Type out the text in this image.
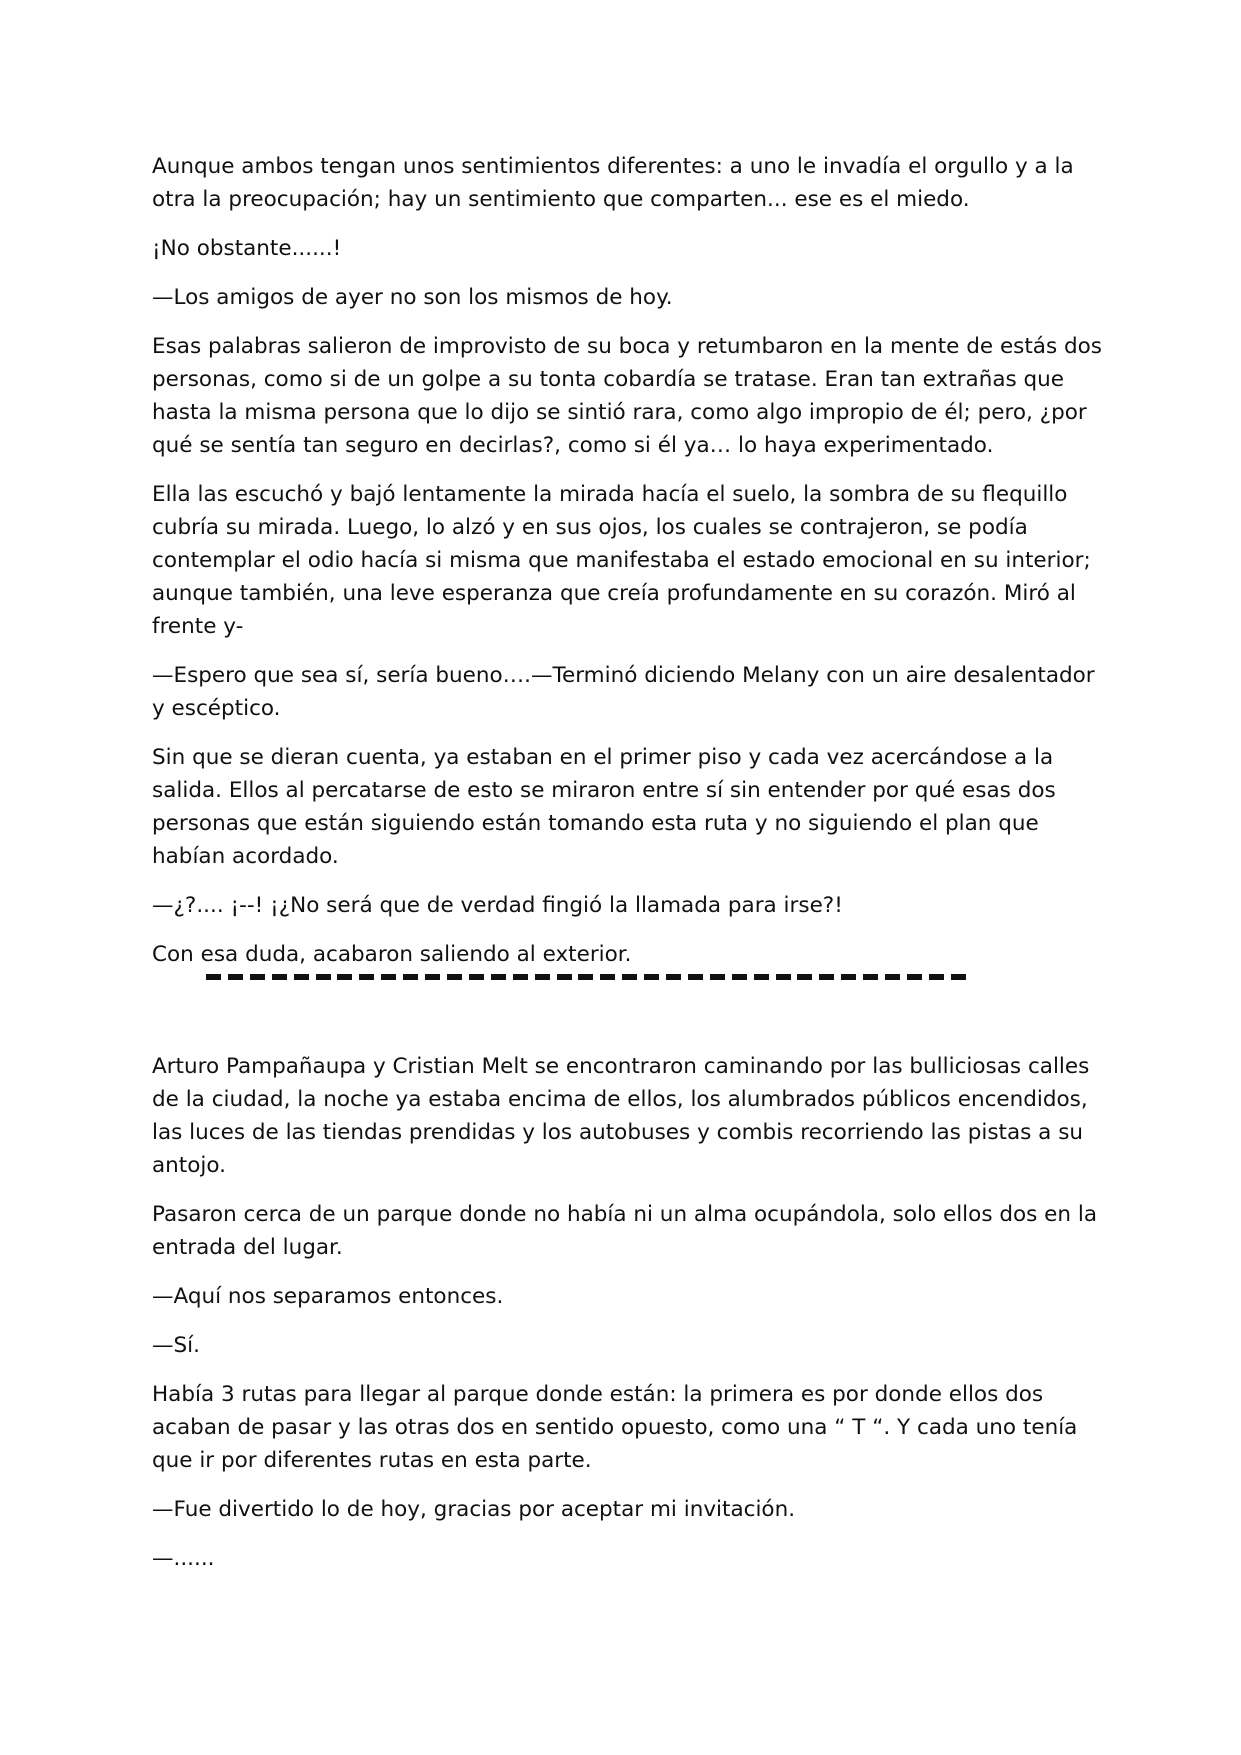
Aunque ambos tengan unos sentimientos diferentes: a uno le invadía el orgullo y a la otra la preocupación; hay un sentimiento que comparten... ese es el miedo.

¡No obstante......!

—Los amigos de ayer no son los mismos de hoy.

Esas palabras salieron de improvisto de su boca y retumbaron en la mente de estás dos personas, como si de un golpe a su tonta cobardía se tratase. Eran tan extrañas que hasta la misma persona que lo dijo se sintió rara, como algo impropio de él; pero, ¿por qué se sentía tan seguro en decirlas?, como si él ya… lo haya experimentado.

Ella las escuchó y bajó lentamente la mirada hacía el suelo, la sombra de su flequillo cubría su mirada. Luego, lo alzó y en sus ojos, los cuales se contrajeron, se podía contemplar el odio hacía si misma que manifestaba el estado emocional en su interior; aunque también, una leve esperanza que creía profundamente en su corazón. Miró al frente y-

—Espero que sea sí, sería bueno….—Terminó diciendo Melany con un aire desalentador y escéptico.

Sin que se dieran cuenta, ya estaban en el primer piso y cada vez acercándose a la salida. Ellos al percatarse de esto se miraron entre sí sin entender por qué esas dos personas que están siguiendo están tomando esta ruta y no siguiendo el plan que habían acordado.

—¿?.... ¡--! ¡¿No será que de verdad fingió la llamada para irse?!

Con esa duda, acabaron saliendo al exterior.

Arturo Pampañaupa y Cristian Melt se encontraron caminando por las bulliciosas calles de la ciudad, la noche ya estaba encima de ellos, los alumbrados públicos encendidos, las luces de las tiendas prendidas y los autobuses y combis recorriendo las pistas a su antojo.

Pasaron cerca de un parque donde no había ni un alma ocupándola, solo ellos dos en la entrada del lugar.

—Aquí nos separamos entonces.

—Sí.

Había 3 rutas para llegar al parque donde están: la primera es por donde ellos dos acaban de pasar y las otras dos en sentido opuesto, como una “ T “. Y cada uno tenía que ir por diferentes rutas en esta parte.

—Fue divertido lo de hoy, gracias por aceptar mi invitación.

—......
